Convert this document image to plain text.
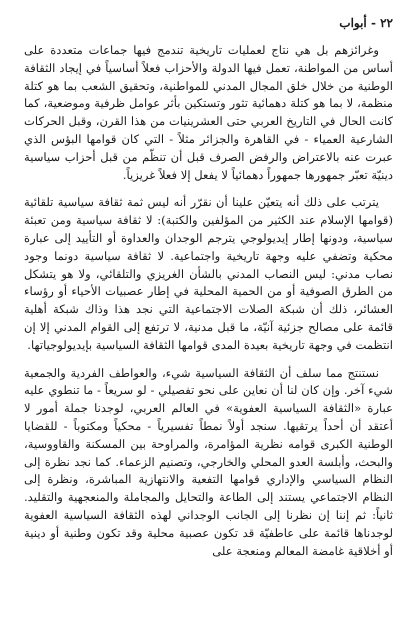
٢٢ - أبواب

وغرائزهم بل هي نتاج لعمليات تاريخية تندمج فيها جماعات متعددة على أساس من المواطنة، تعمل فيها الدولة والأحزاب فعلاً أساسياً في إيجاد الثقافة الوطنية من خلال خلق المجال المدني للمواطنية، وتحقيق الشعب بما هو كتلة منظمة، لا بما هو كتلة دهمائية تثور وتستكين بأثر عوامل ظرفية وموضعية، كما كانت الحال في التاريخ العربي حتى العشرينيات من هذا القرن، وقبل الحركات الشارعية العمياء - في القاهرة والجزائر مثلاً - التي كان قوامها البؤس الذي عبرت عنه بالاعتراض والرفض الصرف قبل أن تنظّم من قبل أحزاب سياسية دينيّة تعبّر جمهورها جمهوراً دهمائياً لا يفعل إلا فعلاً غريزياً.

يترتب على ذلك أنه يتعيّن علينا أن نقرّر أنه ليس ثمة ثقافة سياسية تلقائية (قوامها الإسلام عند الكثير من المؤلفين والكتبة): لا ثقافة سياسية ومن تعبئة سياسية، ودونها إطار إيديولوجي يترجم الوجدان والعداوة أو التأييد إلى عبارة محكية وتضفي عليه وجهة تاريخية واجتماعية. لا ثقافة سياسية دونما وجود نصاب مدني: ليس النصاب المدني بالشأن الغريزي والتلقائي، ولا هو يتشكل من الطرق الصوفية أو من الحمية المحلية في إطار عصبيات الأحياء أو رؤساء العشائر، ذلك أن شبكة الصلات الاجتماعية التي نجد هذا وذاك شبكة أهلية قائمة على مصالح جزئية آنيّة، ما قبل مدنية، لا ترتفع إلى القوام المدني إلا إن انتظمت في وجهة تاريخية بعيدة المدى قوامها الثقافة السياسية بإيديولوجياتها.

نستنتج مما سلف أن الثقافة السياسية شيء، والعواطف الفردية والجمعية شيء آخر. وإن كان لنا أن نعاين على نحو تفصيلي - لو سريعاً - ما تنطوي عليه عبارة «الثقافة السياسية العفوية» في العالم العربي، لوجدنا جملة أمور لا أعتقد أن أحداً يرتقيها. سنجد أولاً نمطاً تفسيرياً - محكياً ومكتوباً - للقضايا الوطنية الكبرى قوامه نظرية المؤامرة، والمراوحة بين المسكنة والقاووسية، والبحث، وأبلسة العدو المحلي والخارجي، وتصنيم الزعماء. كما نجد نظرة إلى النظام السياسي والإداري قوامها التفعية والانتهازية المباشرة، ونظرة إلى النظام الاجتماعي يستند إلى الطاعة والتحايل والمجاملة والمنعجهية والتقليد. ثانياً: ثم إننا إن نظرنا إلى الجانب الوجداني لهذه الثقافة السياسية العفوية لوجدناها قائمة على عاطفيّة قد تكون عصبية محلية وقد تكون وطنية أو دينية أو أخلاقية غامضة المعالم ومنعجة على
